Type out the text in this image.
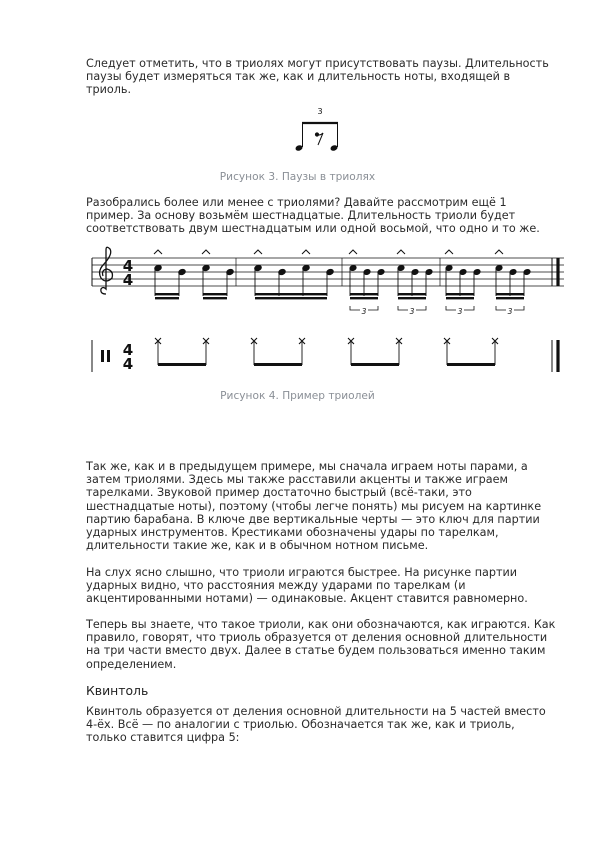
Следует отметить, что в триолях могут присутствовать паузы. Длительность паузы будет измеряться так же, как и длительность ноты, входящей в триоль.

3
Рисунок 3. Паузы в триолях

Разобрались более или менее с триолями? Давайте рассмотрим ещё 1 пример. За основу возьмём шестнадцатые. Длительность триоли будет соответствовать двум шестнадцатым или одной восьмой, что одно и то же.

4
4
3	3	3	3
4
4
Рисунок 4. Пример триолей

Так же, как и в предыдущем примере, мы сначала играем ноты парами, а затем триолями. Здесь мы также расставили акценты и также играем тарелками. Звуковой пример достаточно быстрый (всё-таки, это шестнадцатые ноты), поэтому (чтобы легче понять) мы рисуем на картинке партию барабана. В ключе две вертикальные черты — это ключ для партии ударных инструментов. Крестиками обозначены удары по тарелкам, длительности такие же, как и в обычном нотном письме.

На слух ясно слышно, что триоли играются быстрее. На рисунке партии ударных видно, что расстояния между ударами по тарелкам (и акцентированными нотами) — одинаковые. Акцент ставится равномерно.

Теперь вы знаете, что такое триоли, как они обозначаются, как играются. Как правило, говорят, что триоль образуется от деления основной длительности на три части вместо двух. Далее в статье будем пользоваться именно таким определением.

Квинтоль

Квинтоль образуется от деления основной длительности на 5 частей вместо 4-ёх. Всё — по аналогии с триолью. Обозначается так же, как и триоль, только ставится цифра 5:
